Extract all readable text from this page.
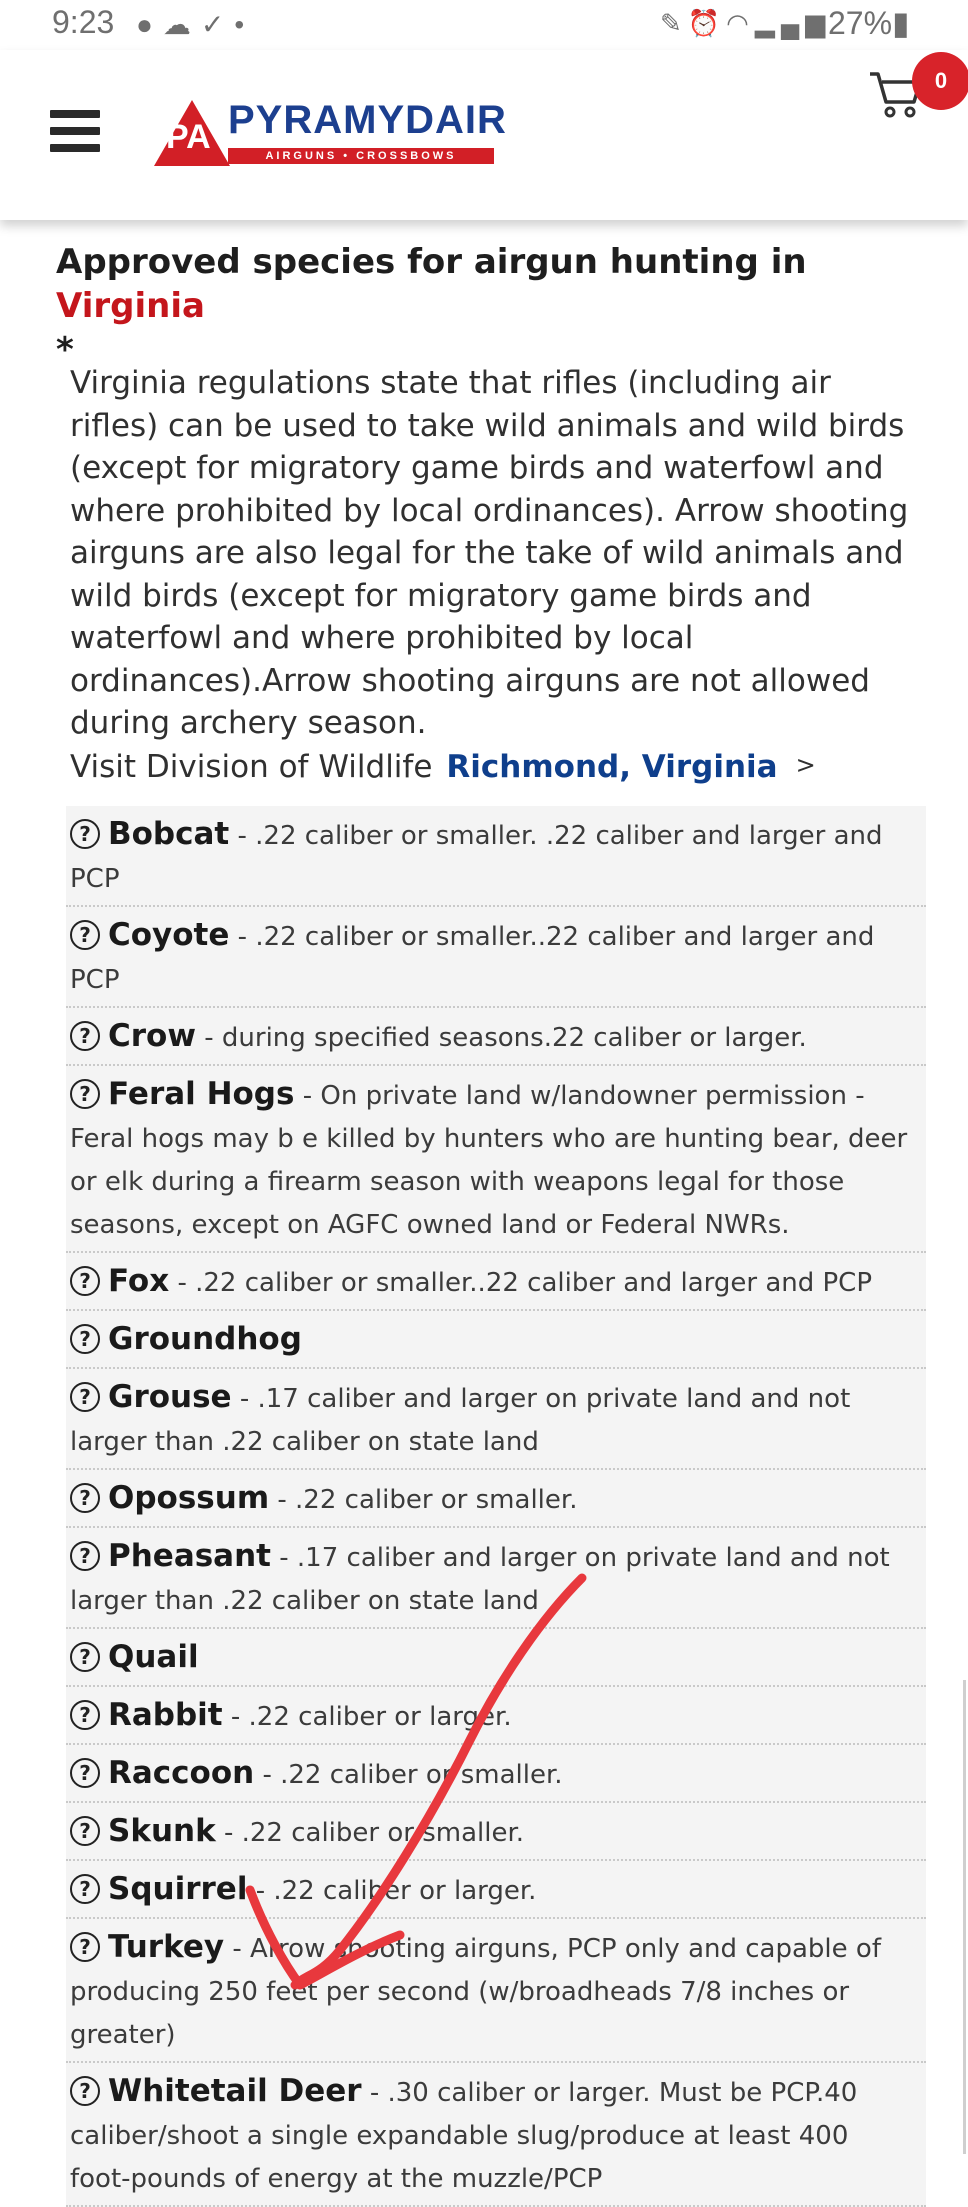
9:23 ●☁✓•	✎⏰◠▂▄▆
27%▮
PA PYRAMYDAIR
AIRGUNS • CROSSBOWS
0
Approved species for airgun hunting in Virginia
*
Virginia regulations state that rifles (including air rifles) can be used to take wild animals and wild birds (except for migratory game birds and waterfowl and where prohibited by local ordinances). Arrow shooting airguns are also legal for the take of wild animals and wild birds (except for migratory game birds and waterfowl and where prohibited by local ordinances).Arrow shooting airguns are not allowed during archery season.
Visit Division of Wildlife Richmond, Virginia >
? Bobcat - .22 caliber or smaller. .22 caliber and larger and PCP
? Coyote - .22 caliber or smaller..22 caliber and larger and PCP
? Crow - during specified seasons.22 caliber or larger.
? Feral Hogs - On private land w/landowner permission - Feral hogs may b e killed by hunters who are hunting bear, deer or elk during a firearm season with weapons legal for those seasons, except on AGFC owned land or Federal NWRs.
? Fox - .22 caliber or smaller..22 caliber and larger and PCP
? Groundhog
? Grouse - .17 caliber and larger on private land and not larger than .22 caliber on state land
? Opossum - .22 caliber or smaller.
? Pheasant - .17 caliber and larger on private land and not larger than .22 caliber on state land
? Quail
? Rabbit - .22 caliber or larger.
? Raccoon - .22 caliber or smaller.
? Skunk - .22 caliber or smaller.
? Squirrel - .22 caliber or larger.
? Turkey - Arrow shooting airguns, PCP only and capable of producing 250 feet per second (w/broadheads 7/8 inches or greater)
? Whitetail Deer - .30 caliber or larger. Must be PCP.40 caliber/shoot a single expandable slug/produce at least 400 foot-pounds of energy at the muzzle/PCP
